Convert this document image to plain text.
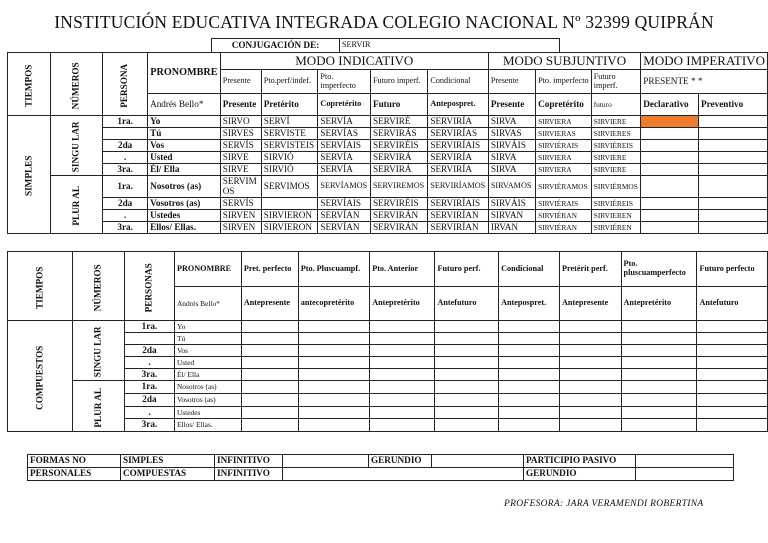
INSTITUCIÓN EDUCATIVA INTEGRADA COLEGIO NACIONAL Nº 32399 QUIPRÁN
CONJUGACIÓN DE:	SERVIR
TIEMPOS	NÚMEROS	PERSONA	PRONOMBRE	MODO INDICATIVO					MODO SUBJUNTIVO			MODO IMPERATIVO	
				Presente	Pto.perf/indef.	Pto. imperfecto	Futuro imperf.	Condicional	Presente	Pto. imperfecto	Futuro imperf.	PRESENTE * *	
			Andrés Bello*	Presente	Pretérito	Copretérito	Futuro	Antepospret.	Presente	Copretérito	futuro	Declarativo	Preventivo
SIMPLES	SINGU LAR	1ra.	Yo	SIRVO	SERVÍ	SERVÍA	SERVIRÉ	SERVIRÍA	SIRVA	SIRVIERA	SIRVIERE		
			Tú	SIRVES	SERVISTE	SERVÍAS	SERVIRÁS	SERVIRÍAS	SIRVAS	SIRVIERAS	SIRVIERES		
		2da	Vos	SERVÍS	SERVISTEIS	SERVÍAIS	SERVIRÉIS	SERVIRÍAIS	SIRVÁIS	SIRVIÉRAIS	SIRVIÉREIS		
		.	Usted	SIRVE	SIRVIÓ	SERVÍA	SERVIRÁ	SERVIRÍA	SIRVA	SIRVIERA	SIRVIERE		
		3ra.	Él/ Ella	SIRVE	SIRVIÓ	SERVÍA	SERVIRÁ	SERVIRÍA	SIRVA	SIRVIERA	SIRVIERE		
	PLUR AL	1ra.	Nosotros (as)	SERVIMOS	SERVIMOS	SERVÍAMOS	SERVIREMOS	SERVIRÍAMOS	SIRVAMOS	SIRVIÉRAMOS	SIRVIÉRMOS		
		2da	Vosotros (as)	SERVÍS		SERVÍAIS	SERVIRÉIS	SERVIRÍAIS	SIRVÁIS	SIRVIÉRAIS	SIRVIÉREIS		
		.	Ustedes	SIRVEN	SIRVIERON	SERVÍAN	SERVIRÁN	SERVIRÍAN	SIRVAN	SIRVIÉRAN	SIRVIEREN		
		3ra.	Ellos/ Ellas.	SIRVEN	SIRVIERON	SERVÍAN	SERVIRÁN	SERVIRÍAN	IRVAN	SIRVIÉRAN	SIRVIÉREN		
TIEMPOS	NÚMEROS	PERSONAS	PRONOMBRE	Pret. perfecto	Pto. Pluscuampf.	Pto. Anterior	Futuro perf.	Condicional	Pretérit perf.	Pto. pluscuamperfecto	Futuro perfecto
			Andrés Bello*	Antepresente	antecopretérito	Antepretérito	Antefuturo	Antepospret.	Antepresente	Antepretérito	Antefuturo
COMPUESTOS	SINGU LAR	1ra.	Yo								
			Tú								
		2da	Vos								
		.	Usted								
		3ra.	Él/ Ella								
	PLUR AL	1ra.	Nosotros (as)								
		2da	Vosotros (as)								
		.	Ustedes								
		3ra.	Ellos/ Ellas.								
FORMAS NO	SIMPLES	INFINITIVO		GERUNDIO		PARTICIPIO PASIVO	
PERSONALES	COMPUESTAS	INFINITIVO				GERUNDIO	
PROFESORA: JARA VERAMENDI ROBERTINA
